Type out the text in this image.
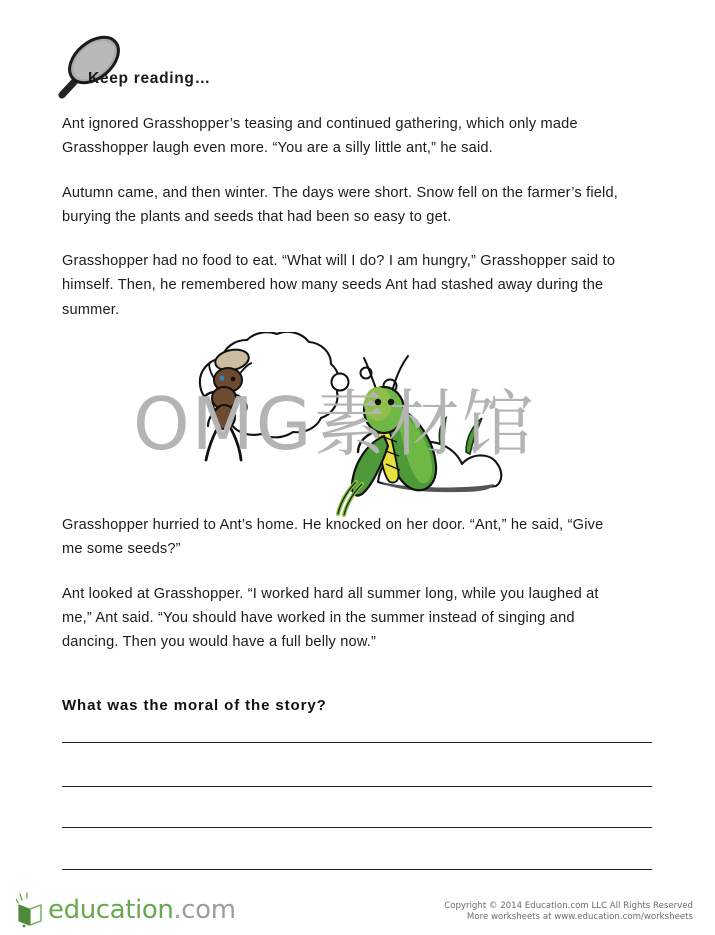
Keep reading…

Ant ignored Grasshopper’s teasing and continued gathering, which only made Grasshopper laugh even more. “You are a silly little ant,” he said.

Autumn came, and then winter. The days were short. Snow fell on the farmer’s field, burying the plants and seeds that had been so easy to get.

Grasshopper had no food to eat. “What will I do? I am hungry,” Grasshopper said to himself. Then, he remembered how many seeds Ant had stashed away during the summer.

OMG素材馆

Grasshopper hurried to Ant’s home. He knocked on her door. “Ant,” he said, “Give me some seeds?”

Ant looked at Grasshopper. “I worked hard all summer long, while you laughed at me,” Ant said. “You should have worked in the summer instead of singing and dancing. Then you would have a full belly now.”

What was the moral of the story?
education.com	Copyright © 2014 Education.com LLC All Rights Reserved
More worksheets at www.education.com/worksheets
